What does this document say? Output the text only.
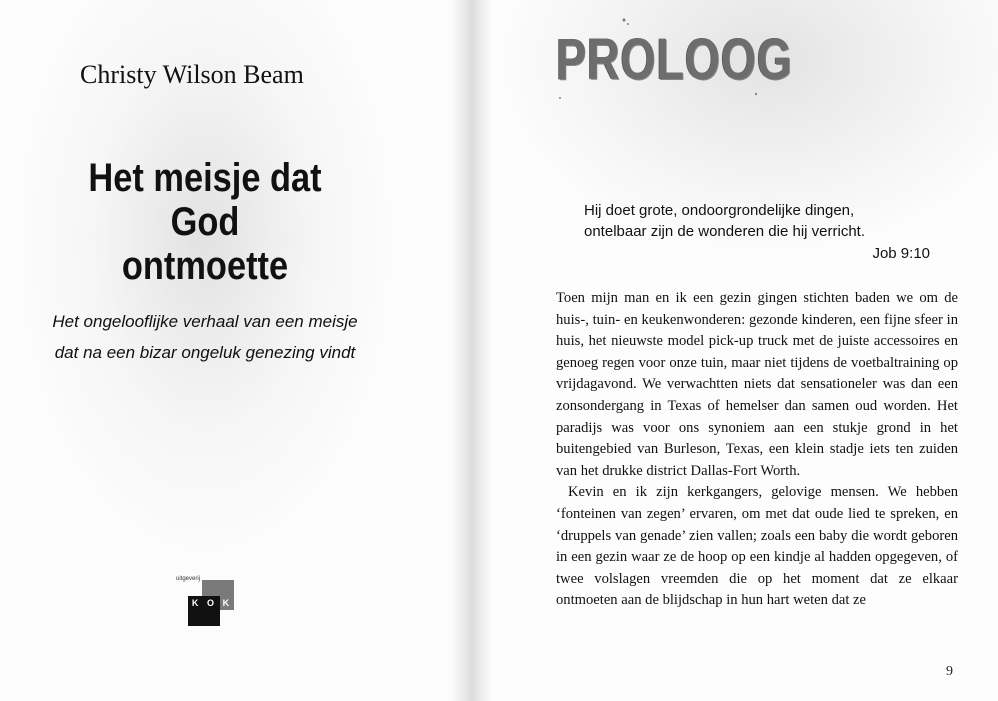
Christy Wilson Beam
Het meisje dat God
ontmoette
Het ongelooflijke verhaal van een meisje
dat na een bizar ongeluk genezing vindt
uitgeverij
K O K
PROLOOG
Hij doet grote, ondoorgrondelijke dingen,
ontelbaar zijn de wonderen die hij verricht.
Job 9:10

Toen mijn man en ik een gezin gingen stichten baden we om de huis-, tuin- en keukenwonderen: gezonde kinderen, een fijne sfeer in huis, het nieuwste model pick-up truck met de juiste accessoires en genoeg regen voor onze tuin, maar niet tijdens de voetbaltraining op vrijdagavond. We verwachtten niets dat sensationeler was dan een zonsondergang in Texas of hemelser dan samen oud worden. Het paradijs was voor ons synoniem aan een stukje grond in het buitengebied van Burleson, Texas, een klein stadje iets ten zuiden van het drukke district Dallas-Fort Worth.

Kevin en ik zijn kerkgangers, gelovige mensen. We hebben ‘fonteinen van zegen’ ervaren, om met dat oude lied te spreken, en ‘druppels van genade’ zien vallen; zoals een baby die wordt geboren in een gezin waar ze de hoop op een kindje al hadden opgegeven, of twee volslagen vreemden die op het moment dat ze elkaar ontmoeten aan de blijdschap in hun hart weten dat ze

9
